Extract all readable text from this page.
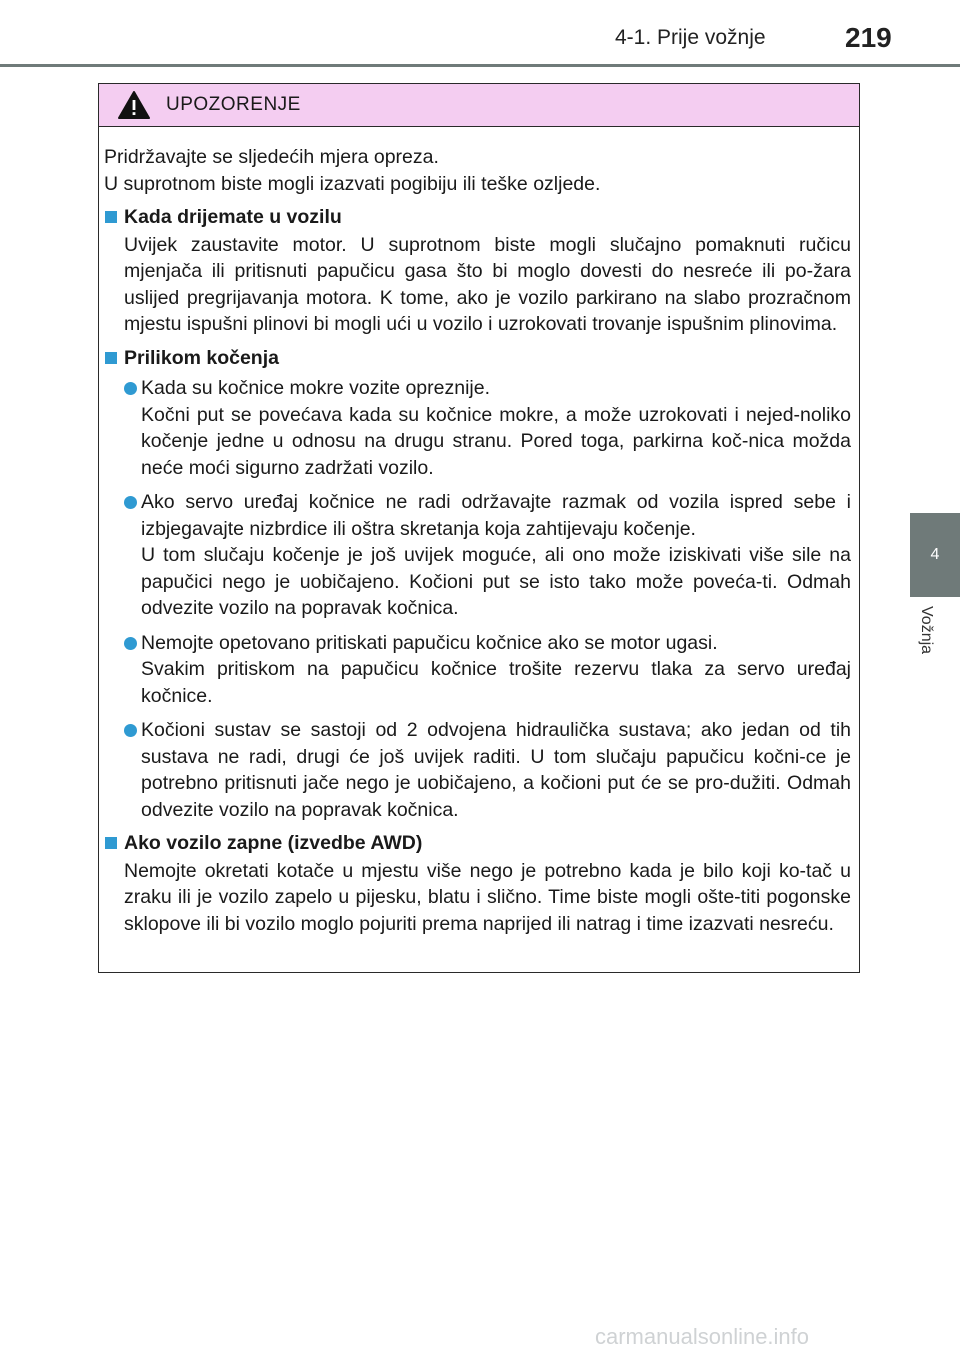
4-1. Prije vožnje	219
4
Vožnja
UPOZORENJE
Pridržavajte se sljedećih mjera opreza.
U suprotnom biste mogli izazvati pogibiju ili teške ozljede.
Kada drijemate u vozilu
Uvijek zaustavite motor. U suprotnom biste mogli slučajno pomaknuti ručicu mjenjača ili pritisnuti papučicu gasa što bi moglo dovesti do nesreće ili po-žara uslijed pregrijavanja motora. K tome, ako je vozilo parkirano na slabo prozračnom mjestu ispušni plinovi bi mogli ući u vozilo i uzrokovati trovanje ispušnim plinovima.
Prilikom kočenja
Kada su kočnice mokre vozite opreznije.
Kočni put se povećava kada su kočnice mokre, a može uzrokovati i nejed-noliko kočenje jedne u odnosu na drugu stranu. Pored toga, parkirna koč-nica možda neće moći sigurno zadržati vozilo.
Ako servo uređaj kočnice ne radi održavajte razmak od vozila ispred sebe i izbjegavajte nizbrdice ili oštra skretanja koja zahtijevaju kočenje.
U tom slučaju kočenje je još uvijek moguće, ali ono može iziskivati više sile na papučici nego je uobičajeno. Kočioni put se isto tako može poveća-ti. Odmah odvezite vozilo na popravak kočnica.
Nemojte opetovano pritiskati papučicu kočnice ako se motor ugasi.
Svakim pritiskom na papučicu kočnice trošite rezervu tlaka za servo uređaj kočnice.
Kočioni sustav se sastoji od 2 odvojena hidraulička sustava; ako jedan od tih sustava ne radi, drugi će još uvijek raditi. U tom slučaju papučicu kočni-ce je potrebno pritisnuti jače nego je uobičajeno, a kočioni put će se pro-dužiti. Odmah odvezite vozilo na popravak kočnica.
Ako vozilo zapne (izvedbe AWD)
Nemojte okretati kotače u mjestu više nego je potrebno kada je bilo koji ko-tač u zraku ili je vozilo zapelo u pijesku, blatu i slično. Time biste mogli ošte-titi pogonske sklopove ili bi vozilo moglo pojuriti prema naprijed ili natrag i time izazvati nesreću.
carmanualsonline.info
